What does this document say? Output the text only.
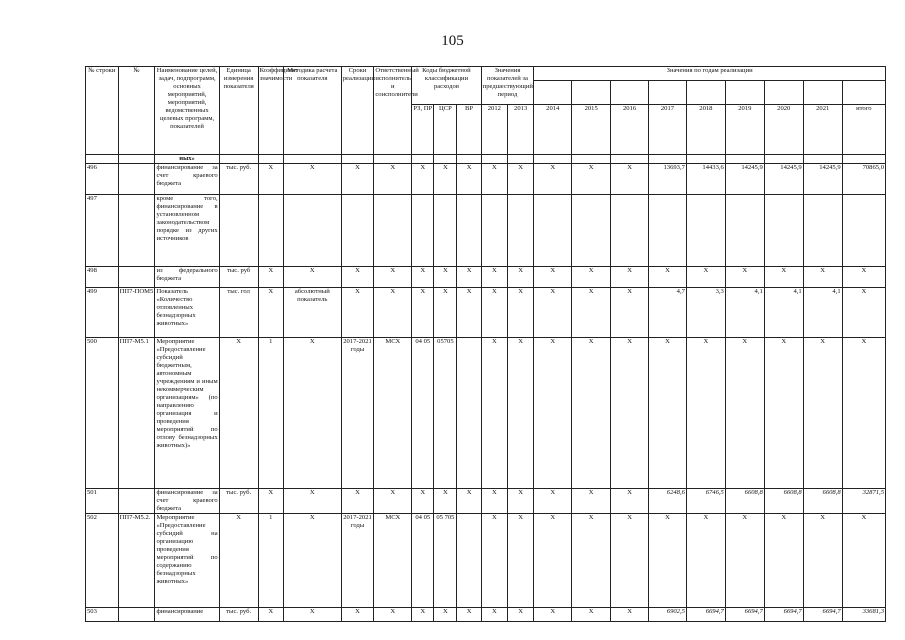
105
№ строки	№	Наименование целей, задач, подпрограмм, основных мероприятий, мероприятий, ведомственных целевых программ, показателей	Единица измерения показателя	Коэффициент значимости	Методика расчета показателя	Сроки реализации	Ответственный исполнитель и соисполнители	Коды бюджетной классификации расходов			Значения показателей за предшествующий период		Значения по годам реализации								

								РЗ, ПР	ЦСР	ВР	2012	2013	2014	2015	2016	2017	2018	2019	2020	2021	итого
		ных»																			
496		финансирование за счет краевого бюджета	тыс. руб.	X	X	X	X	X	X	X	X	X	X	X	X	13693,7	14433,6	14245,9	14245,9	14245,9	70865,0
497		кроме того, финансирование в установленном законодательством порядке из других источников																			
498		из федерального бюджета	тыс. руб	X	X	X	X	X	X	X	X	X	X	X	X	X	X	X	X	X	X
499	ПП7-ПОМ5	Показатель «Количество отловленных безнадзорных животных»	тыс. гол	X	абсолютный показатель	X	X	X	X	X	X	X	X	X	X	4,7	3,3	4,1	4,1	4,1	X
500	ПП7-М5.1	Мероприятие «Предоставление субсидий бюджетным, автономным учреждениям и иным некоммерческим организациям» (по направлению организация и проведения мероприятий по отлову безнадзорных животных)»	X	1	X	2017-2021 годы	МСХ	04 05	05705		X	X	X	X	X	X	X	X	X	X	X
501		финансирование за счет краевого бюджета	тыс. руб.	X	X	X	X	X	X	X	X	X	X	X	X	6248,6	6746,5	6608,8	6608,8	6608,8	32871,5
502	ПП7-М5.2.	Мероприятие «Предоставление субсидий на организацию проведения мероприятий по содержанию безнадзорных животных»	X	1	X	2017-2021 годы	МСХ	04 05	05 705		X	X	X	X	X	X	X	X	X	X	X
503		финансирование	тыс. руб.	X	X	X	X	X	X	X	X	X	X	X	X	6902,5	6694,7	6694,7	6694,7	6694,7	33681,3
